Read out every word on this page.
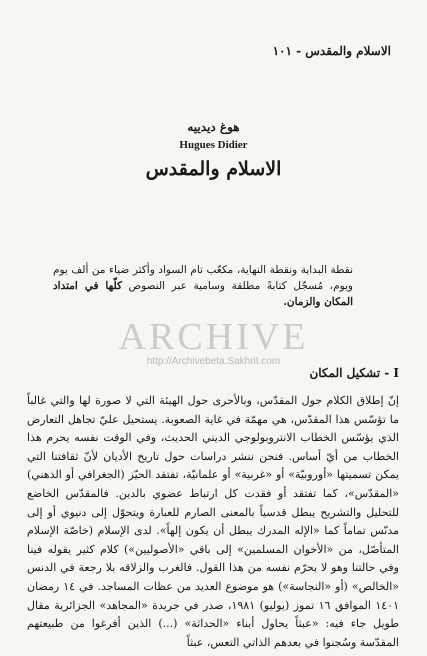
الاسلام والمقدس - ١٠١
هوغ ديدييه
Hugues Didier
الاسلام والمقدس
نقطة البداية ونقطة النهاية، مكعّب تام السواد وأكثر ضياء من ألف يوم ويوم، مُسجّل كتابةً مطلقة وسامية عبر النصوص كلّها في امتداد المكان والزمان.
ARCHIVE
http://Archivebeta.Sakhrit.com
I - تشكيل المكان

إنّ إطلاق الكلام حول المقدّس، وبالأحرى حول الهيئة التي لا صورة لها والتي غالباً ما تؤسّس هذا المقدّس، هي مهمّة في غاية الصعوبة. يستحيل عليّ تجاهل التعارض الذي يؤسّس الخطاب الانتروبولوجي الديني الحديث، وفي الوقت نفسه يحرم هذا الخطاب من أيّ أساس. فنحن ننشر دراسات حول تاريخ الأديان لأنّ ثقافتنا التي يمكن تسميتها «أوروبيّة» أو «غربية» أو علمانيّة، تفتقد الحيّز (الجغرافي أو الذهني) «المقدّس»، كما تفتقد أو فقدت كل ارتباط عضوي بالدين. فالمقدّس الخاضع للتحليل والتشريح يبطل قدسياً بالمعنى الصارم للعبارة ويتحوّل إلى دنيوي أو إلى مدنّس تماماً كما «الإله المدرك يبطل أن يكون إلهاً». لدى الإسلام (خاصّة الإسلام المتأصّل، من «الأخوان المسلمين» إلى باقي «الأصوليين») كلام كثير يقوله فينا وفي حالتنا وهو لا يحرّم نفسه من هذا القول. فالغرب والزلاقه بلا رجعة في الدنس «الخالص» (أو «النجاسة») هو موضوع العديد من عظات المساجد. في ١٤ رمضان ١٤٠١ الموافق ١٦ تموز (يوليو) ١٩٨١، صدر في جريدة «المجاهد» الجزائرية مقال طويل جاء فيه: «عبثاً يحاول أبناء «الحداثة» (...) الذين أفرغوا من طبيعتهم المقدّسة وسُجنوا في بعدهم الذاتي التعس، عبثاً
